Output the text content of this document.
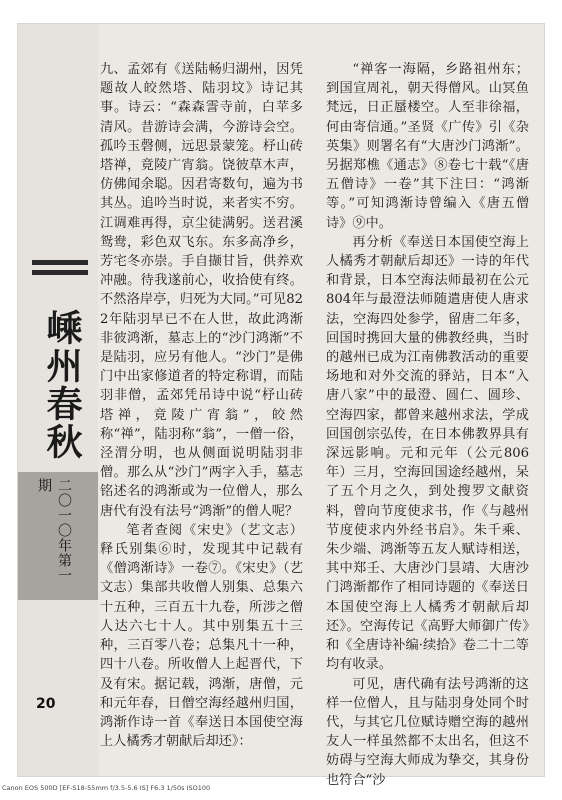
嵊州春秋
二〇一〇年第一期
20

九、孟郊有《送陆畅归湖州，因凭题故人皎然塔、陆羽坟》诗记其事。诗云：“森森霅寺前，白苹多清风。昔游诗会满，今游诗会空。孤吟玉磬侧，远思景蒙笼。杼山砖塔禅，竟陵广宵翁。饶彼草木声，仿佛闻余聪。因君寄数句，遍为书其丛。追吟当时说，来者实不穷。江调难再得，京尘徒满躬。送君溪鸳鸯，彩色双飞东。东多高净乡，芳宅冬亦崇。手自撷甘旨，供养欢冲融。待我遂前心，收拾使有终。不然洛岸亭，归死为大同。”可见822年陆羽早已不在人世，故此鸿渐非彼鸿渐，墓志上的“沙门鸿渐”不是陆羽，应另有他人。“沙门”是佛门中出家修道者的特定称谓，而陆羽非僧，孟郊凭吊诗中说“杼山砖塔禅，竟陵广宵翁”，皎然称“禅”，陆羽称“翁”，一僧一俗，泾渭分明，也从侧面说明陆羽非僧。那么从“沙门”两字入手，墓志铭述名的鸿渐或为一位僧人，那么唐代有没有法号“鸿渐”的僧人呢？

笔者查阅《宋史》（艺文志）释氏别集⑥时，发现其中记载有《僧鸿渐诗》一卷⑦。《宋史》（艺文志）集部共收僧人别集、总集六十五种，三百五十九卷，所涉之僧人达六七十人。其中别集五十三种，三百零八卷；总集凡十一种，四十八卷。所收僧人上起晋代，下及有宋。据记载，鸿渐，唐僧，元和元年春，日僧空海经越州归国，鸿渐作诗一首《奉送日本国使空海上人橘秀才朝献后却还》：

“禅客一海隔，乡路祖州东；到国宣周礼，朝天得僧风。山冥鱼梵远，日正蜃楼空。人至非徐福，何由寄信通。”圣贤《广传》引《杂英集》则署名有“大唐沙门鸿渐”。另据郑樵《通志》⑧卷七十载“《唐五僧诗》一卷”其下注曰：“鸿渐等。”可知鸿渐诗曾编入《唐五僧诗》⑨中。

再分析《奉送日本国使空海上人橘秀才朝献后却还》一诗的年代和背景，日本空海法师最初在公元804年与最澄法师随遣唐使人唐求法，空海四处参学，留唐二年多，回国时携回大量的佛教经典，当时的越州已成为江南佛教活动的重要场地和对外交流的驿站，日本“入唐八家”中的最澄、圆仁、圆珍、空海四家，都曾来越州求法，学成回国创宗弘传，在日本佛教界具有深远影响。元和元年（公元806年）三月，空海回国途经越州，呆了五个月之久，到处搜罗文献资料，曾向节度使求书，作《与越州节度使求内外经书启》。朱千乘、朱少端、鸿渐等五友人赋诗相送，其中郑壬、大唐沙门昙靖、大唐沙门鸿渐都作了相同诗题的《奉送日本国使空海上人橘秀才朝献后却还》。空海传记《高野大师御广传》和《全唐诗补编·续拾》卷二十二等均有收录。

可见，唐代确有法号鸿渐的这样一位僧人，且与陆羽身处同个时代，与其它几位赋诗赠空海的越州友人一样虽然都不太出名，但这不妨碍与空海大师成为挚交，其身份也符合“沙

Canon EOS 500D [EF-S18-55mm f/3.5-5.6 IS] F6.3 1/50s ISO100
